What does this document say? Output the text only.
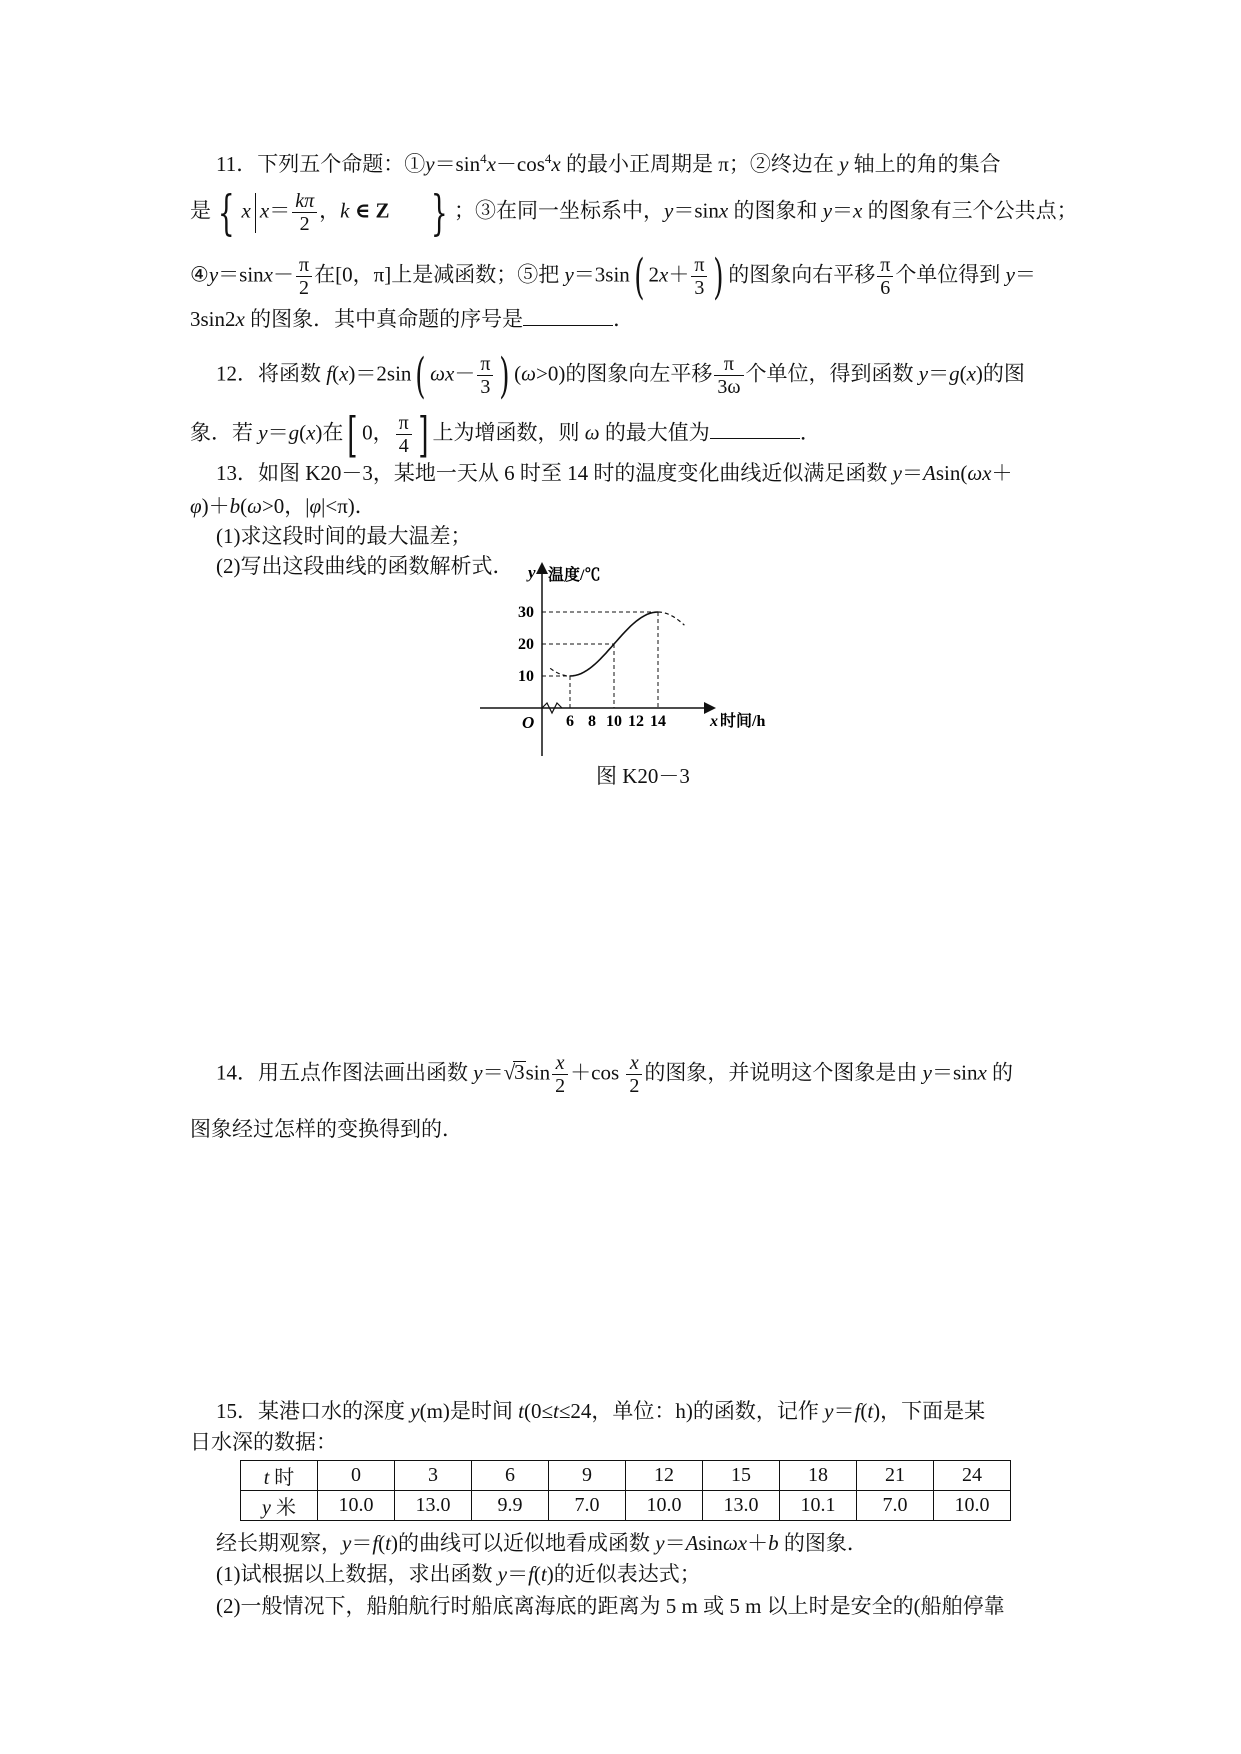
11．下列五个命题：$①y=\sin^4x-\cos^4x$ 的最小正周期是 π；②终边在 y 轴上的角的集合
是 { x $x= \frac{k\pi}{2}$ ，k ∈ Z } ；③在同一坐标系中，y＝sinx 的图象和 y＝x 的图象有三个公共点；
④y＝sinx－ $\frac{\pi}{2}$ 在[0，π]上是减函数；⑤把 y＝3sin( $2x+ \frac{\pi}{3}$ ) 的图象向右平移 $\frac{\pi}{6}$ 个单位得到 y＝
3sin2x 的图象．其中真命题的序号是	．
12．将函数 f(x)＝2sin( $\omega x- \frac{\pi}{3}$ ) (ω>0)的图象向左平移 $\frac{\pi}{3\omega}$ 个单位，得到函数 y＝g(x)的图
象．若 y＝g(x)在[ 0， $\frac{\pi}{4}$ ] 上为增函数，则 ω 的最大值为	．
13．如图 K20－3，某地一天从 6 时至 14 时的温度变化曲线近似满足函数 y＝Asin(ωx＋
φ)＋b(ω>0，|φ|<π)．
(1)求这段时间的最大温差；
(2)写出这段曲线的函数解析式．
6 8 10 12 14
10
20
30
O
y 温度/℃
x 时间/h
图 K20－3
14．用五点作图法画出函数 $y=√3\sin \frac{x}{2} +\cos \frac{x}{2}$ 的图象，并说明这个图象是由 y＝sinx 的
图象经过怎样的变换得到的．
15．某港口水的深度 y(m)是时间 t(0≤t≤24，单位：h)的函数，记作 y＝f(t)，下面是某
日水深的数据：
t 时	0	3	6	9	12	15	18	21	24
y 米	10.0	13.0	9.9	7.0	10.0	13.0	10.1	7.0	10.0
经长期观察，y＝f(t)的曲线可以近似地看成函数 y＝Asinωx＋b 的图象．
(1)试根据以上数据，求出函数 y＝f(t)的近似表达式；
(2)一般情况下，船舶航行时船底离海底的距离为 5 m 或 5 m 以上时是安全的(船舶停靠
